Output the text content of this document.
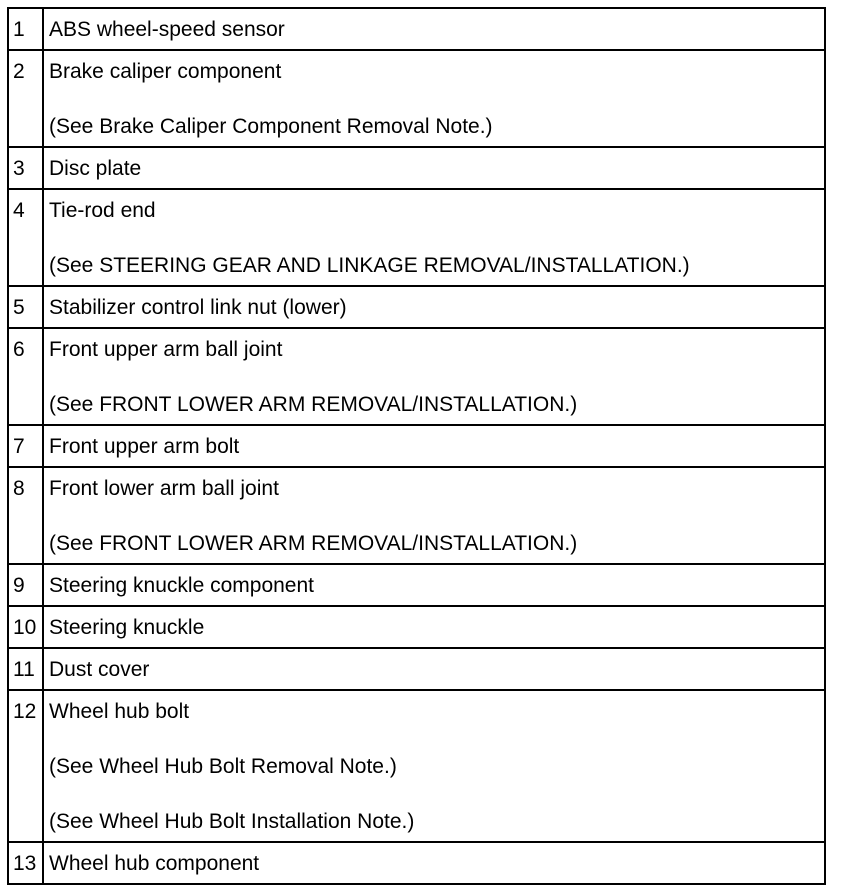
1	ABS wheel-speed sensor

2	Brake caliper component
(See Brake Caliper Component Removal Note.)

3	Disc plate

4	Tie-rod end
(See STEERING GEAR AND LINKAGE REMOVAL/INSTALLATION.)

5	Stabilizer control link nut (lower)

6	Front upper arm ball joint
(See FRONT LOWER ARM REMOVAL/INSTALLATION.)

7	Front upper arm bolt

8	Front lower arm ball joint
(See FRONT LOWER ARM REMOVAL/INSTALLATION.)

9	Steering knuckle component

10	Steering knuckle

11	Dust cover

12	Wheel hub bolt
(See Wheel Hub Bolt Removal Note.)
(See Wheel Hub Bolt Installation Note.)

13	Wheel hub component
